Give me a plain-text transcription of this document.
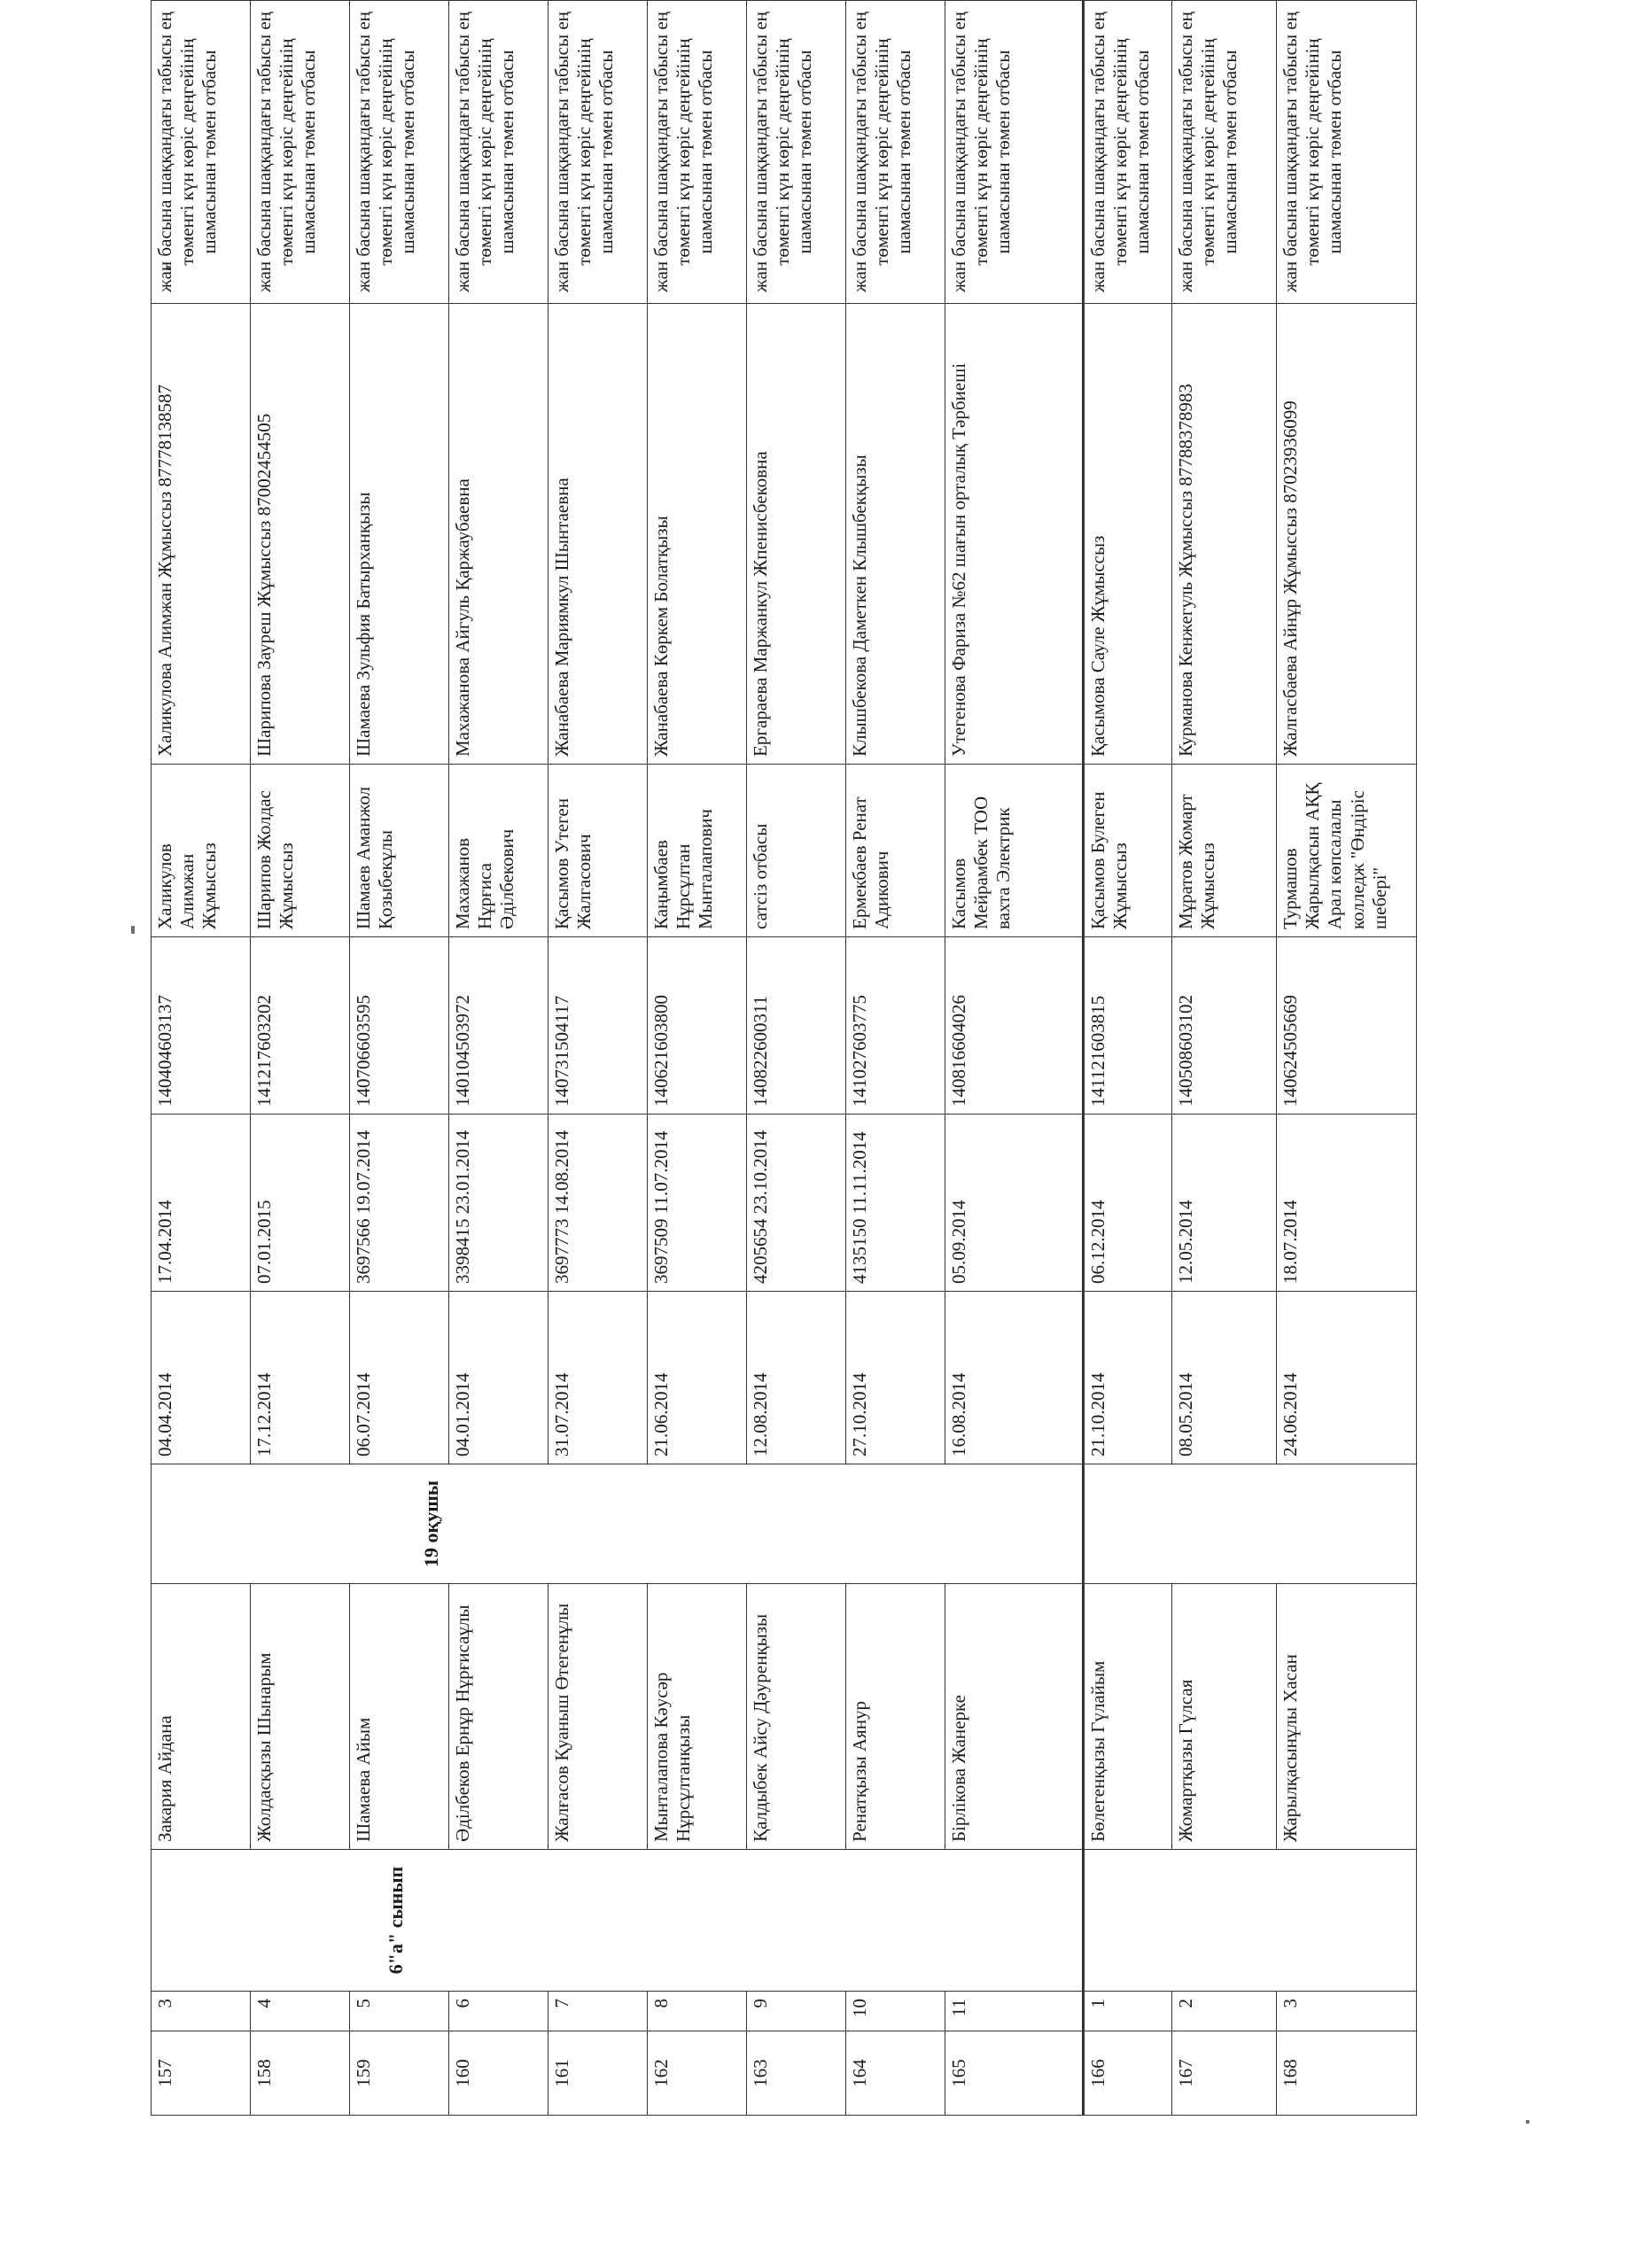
157	3	6"а" сынып	Закария Айдана	19 оқушы	04.04.2014	17.04.2014	140404603137	Халикулов Алимжан Жұмыссыз	Халикулова Алимжан Жұмыссыз 87778138587	жан басына шаққандағы табысы ең төменгі күн көріс деңгейінің шамасынан төмен отбасы
158	4		Жолдасқызы Шынарым		17.12.2014	07.01.2015	141217603202	Шарипов Жолдас Жұмыссыз	Шарипова Зауреш Жұмыссыз 87002454505	жан басына шаққандағы табысы ең төменгі күн көріс деңгейінің шамасынан төмен отбасы
159	5		Шамаева Айым		06.07.2014	3697566 19.07.2014	140706603595	Шамаев Аманжол Қозыбекұлы	Шамаева Зульфия Батырханқызы	жан басына шаққандағы табысы ең төменгі күн көріс деңгейінің шамасынан төмен отбасы
160	6		Әділбеков Ернұр Нұрғисаұлы		04.01.2014	3398415 23.01.2014	140104503972	Махажанов Нұрғиса Әділбекович	Махажанова Айгуль Қаржаубаевна	жан басына шаққандағы табысы ең төменгі күн көріс деңгейінің шамасынан төмен отбасы
161	7		Жалғасов Қуаныш Өтегенұлы		31.07.2014	3697773 14.08.2014	140731504117	Қасымов Утеген Жалгасович	Жанабаева Мариямкул Шынтаевна	жан басына шаққандағы табысы ең төменгі күн көріс деңгейінің шамасынан төмен отбасы
162	8		Мынталапова Кәусәр Нұрсұлтанқызы		21.06.2014	3697509 11.07.2014	140621603800	Каңымбаев Нұрсұлтан Мынталапович	Жанабаева Көркем Болатқызы	жан басына шаққандағы табысы ең төменгі күн көріс деңгейінің шамасынан төмен отбасы
163	9		Қалдыбек Айсу Дәуренқызы		12.08.2014	4205654 23.10.2014	140822600311	сатсіз отбасы	Ергараева Маржанкул Жпенисбековна	жан басына шаққандағы табысы ең төменгі күн көріс деңгейінің шамасынан төмен отбасы
164	10		Ренатқызы Аянур		27.10.2014	4135150 11.11.2014	141027603775	Ермекбаев Ренат Адикович	Клышбекова Даметкен Клышбекқызы	жан басына шаққандағы табысы ең төменгі күн көріс деңгейінің шамасынан төмен отбасы
165	11		Бірлікова Жанерке		16.08.2014	05.09.2014	140816604026	Касымов Мейрамбек ТОО вахта Электрик	Утегенова Фариза №62 шағын орталық Тәрбиеші	жан басына шаққандағы табысы ең төменгі күн көріс деңгейінің шамасынан төмен отбасы
166	1		Бөлегенқызы Гүлайым		21.10.2014	06.12.2014	141121603815	Қасымов Булеген Жұмыссыз	Қасымова Сауле Жұмыссыз	жан басына шаққандағы табысы ең төменгі күн көріс деңгейінің шамасынан төмен отбасы
167	2		Жомартқызы Гүлсая		08.05.2014	12.05.2014	140508603102	Мұратов Жомарт Жұмыссыз	Курманова Кенжегуль Жұмыссыз 87788378983	жан басына шаққандағы табысы ең төменгі күн көріс деңгейінің шамасынан төмен отбасы
168	3		Жарылқасынұлы Хасан		24.06.2014	18.07.2014	140624505669	Турмашов Жарылқасын АҚҚ Арал көпсалалы колледж "Өндіріс шебері"	Жалгасбаева Айнұр Жұмыссыз 87023936099	жан басына шаққандағы табысы ең төменгі күн көріс деңгейінің шамасынан төмен отбасы
